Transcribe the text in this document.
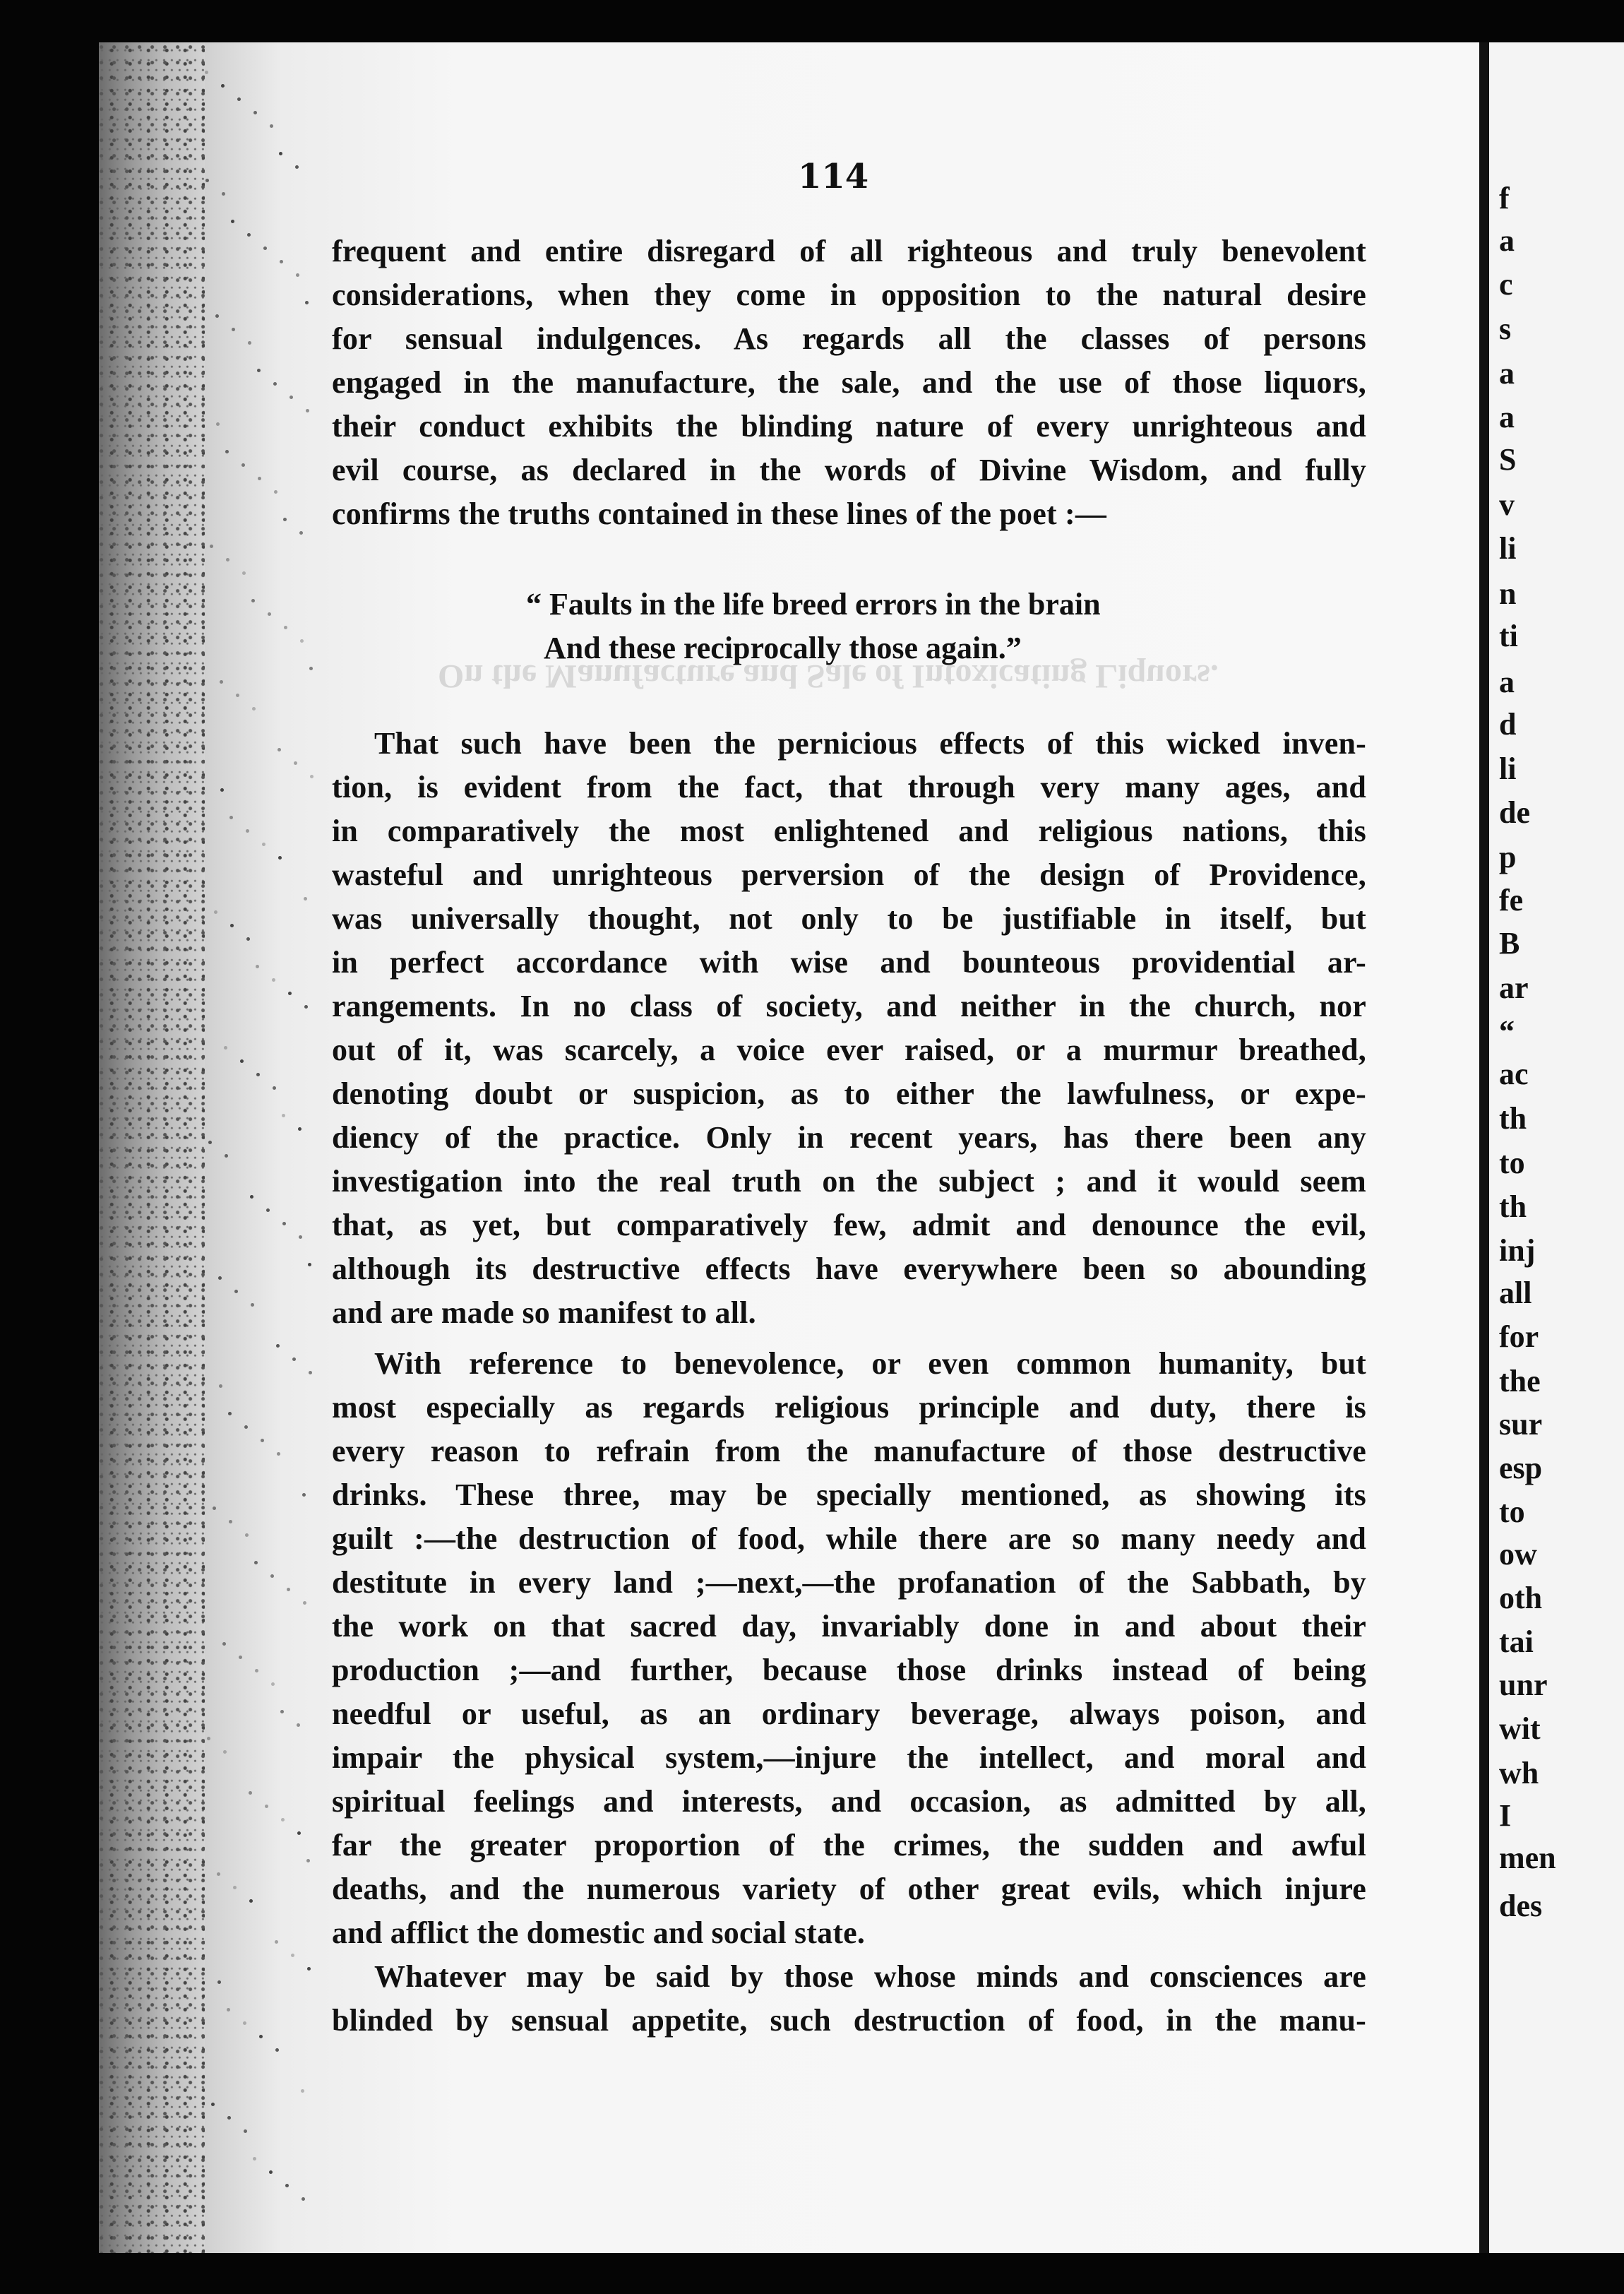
f
a
c
s
a
a
S
v
li
n
ti
a
d
li
de
p
fe
B
ar
“
ac
th
to
th
inj
all
for
the
sur
esp
to
ow
oth
tai
unr
wit
wh
I
men
des
On the Manufacture and Sale of Intoxicating Liquors.
114
frequent and entire disregard of all righteous and truly benevolent
considerations, when they come in opposition to the natural desire
for sensual indulgences. As regards all the classes of persons
engaged in the manufacture, the sale, and the use of those liquors,
their conduct exhibits the blinding nature of every unrighteous and
evil course, as declared in the words of Divine Wisdom, and fully
confirms the truths contained in these lines of the poet :—
“ Faults in the life breed errors in the brain
And these reciprocally those again.”
That such have been the pernicious effects of this wicked inven-
tion, is evident from the fact, that through very many ages, and
in comparatively the most enlightened and religious nations, this
wasteful and unrighteous perversion of the design of Providence,
was universally thought, not only to be justifiable in itself, but
in perfect accordance with wise and bounteous providential ar-
rangements. In no class of society, and neither in the church, nor
out of it, was scarcely, a voice ever raised, or a murmur breathed,
denoting doubt or suspicion, as to either the lawfulness, or expe-
diency of the practice. Only in recent years, has there been any
investigation into the real truth on the subject ; and it would seem
that, as yet, but comparatively few, admit and denounce the evil,
although its destructive effects have everywhere been so abounding
and are made so manifest to all.
With reference to benevolence, or even common humanity, but
most especially as regards religious principle and duty, there is
every reason to refrain from the manufacture of those destructive
drinks. These three, may be specially mentioned, as showing its
guilt :—the destruction of food, while there are so many needy and
destitute in every land ;—next,—the profanation of the Sabbath, by
the work on that sacred day, invariably done in and about their
production ;—and further, because those drinks instead of being
needful or useful, as an ordinary beverage, always poison, and
impair the physical system,—injure the intellect, and moral and
spiritual feelings and interests, and occasion, as admitted by all,
far the greater proportion of the crimes, the sudden and awful
deaths, and the numerous variety of other great evils, which injure
and afflict the domestic and social state.
Whatever may be said by those whose minds and consciences are
blinded by sensual appetite, such destruction of food, in the manu-
